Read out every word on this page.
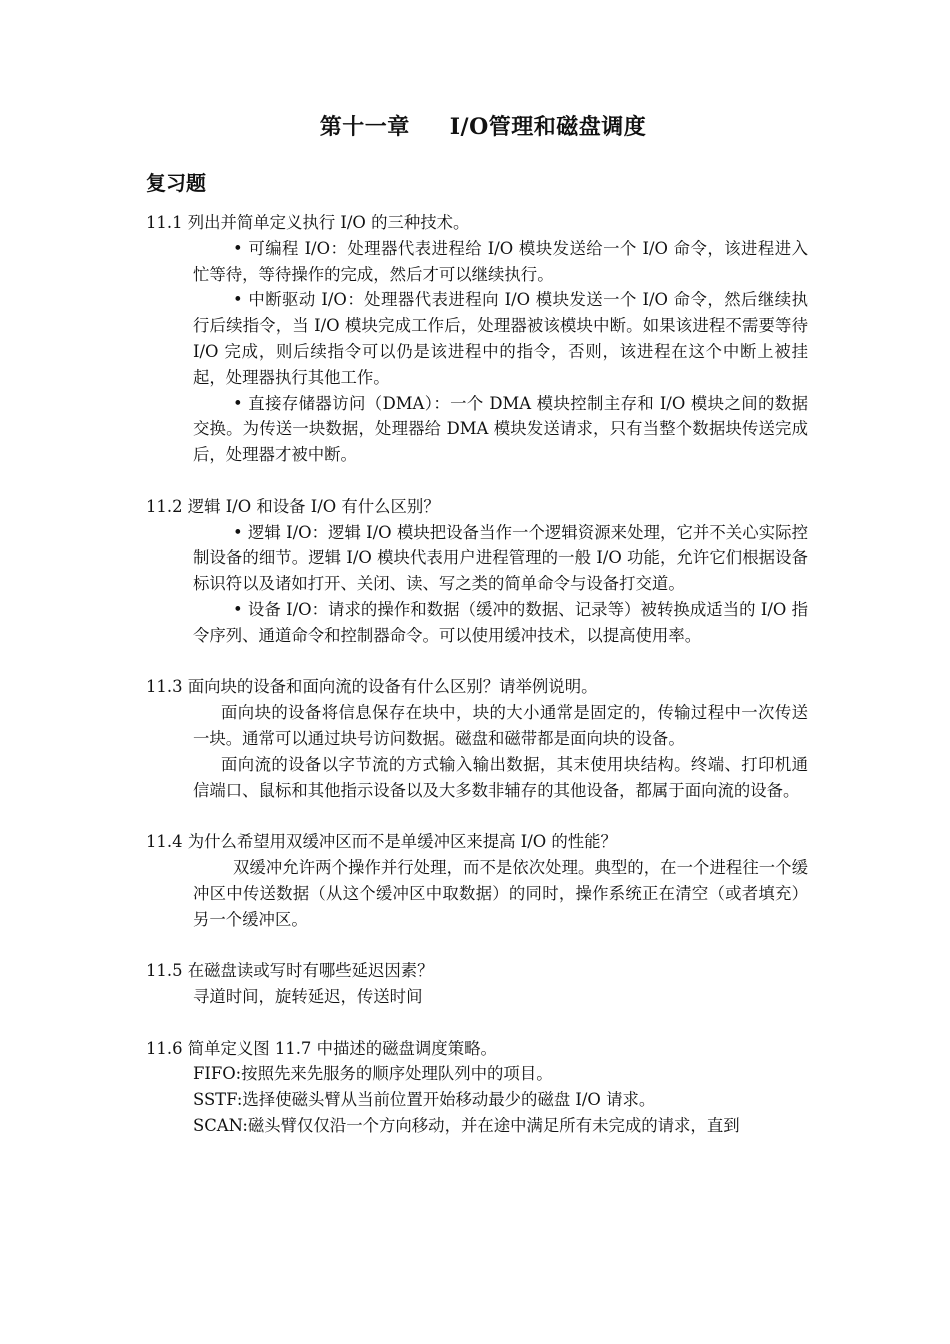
第十一章 I/O管理和磁盘调度
复习题

11.1 列出并简单定义执行 I/O 的三种技术。

• 可编程 I/O：处理器代表进程给 I/O 模块发送给一个 I/O 命令，该进程进入忙等待，等待操作的完成，然后才可以继续执行。

• 中断驱动 I/O：处理器代表进程向 I/O 模块发送一个 I/O 命令，然后继续执行后续指令，当 I/O 模块完成工作后，处理器被该模块中断。如果该进程不需要等待 I/O 完成，则后续指令可以仍是该进程中的指令，否则，该进程在这个中断上被挂起，处理器执行其他工作。

• 直接存储器访问（DMA）：一个 DMA 模块控制主存和 I/O 模块之间的数据交换。为传送一块数据，处理器给 DMA 模块发送请求，只有当整个数据块传送完成后，处理器才被中断。

11.2 逻辑 I/O 和设备 I/O 有什么区别？

• 逻辑 I/O：逻辑 I/O 模块把设备当作一个逻辑资源来处理，它并不关心实际控制设备的细节。逻辑 I/O 模块代表用户进程管理的一般 I/O 功能，允许它们根据设备标识符以及诸如打开、关闭、读、写之类的简单命令与设备打交道。

• 设备 I/O：请求的操作和数据（缓冲的数据、记录等）被转换成适当的 I/O 指令序列、通道命令和控制器命令。可以使用缓冲技术，以提高使用率。

11.3 面向块的设备和面向流的设备有什么区别？请举例说明。

面向块的设备将信息保存在块中，块的大小通常是固定的，传输过程中一次传送一块。通常可以通过块号访问数据。磁盘和磁带都是面向块的设备。

面向流的设备以字节流的方式输入输出数据，其末使用块结构。终端、打印机通信端口、鼠标和其他指示设备以及大多数非辅存的其他设备，都属于面向流的设备。

11.4 为什么希望用双缓冲区而不是单缓冲区来提高 I/O 的性能？

双缓冲允许两个操作并行处理，而不是依次处理。典型的，在一个进程往一个缓冲区中传送数据（从这个缓冲区中取数据）的同时，操作系统正在清空（或者填充）另一个缓冲区。

11.5 在磁盘读或写时有哪些延迟因素？

寻道时间，旋转延迟，传送时间

11.6 简单定义图 11.7 中描述的磁盘调度策略。

FIFO:按照先来先服务的顺序处理队列中的项目。

SSTF:选择使磁头臂从当前位置开始移动最少的磁盘 I/O 请求。

SCAN:磁头臂仅仅沿一个方向移动，并在途中满足所有未完成的请求，直到
